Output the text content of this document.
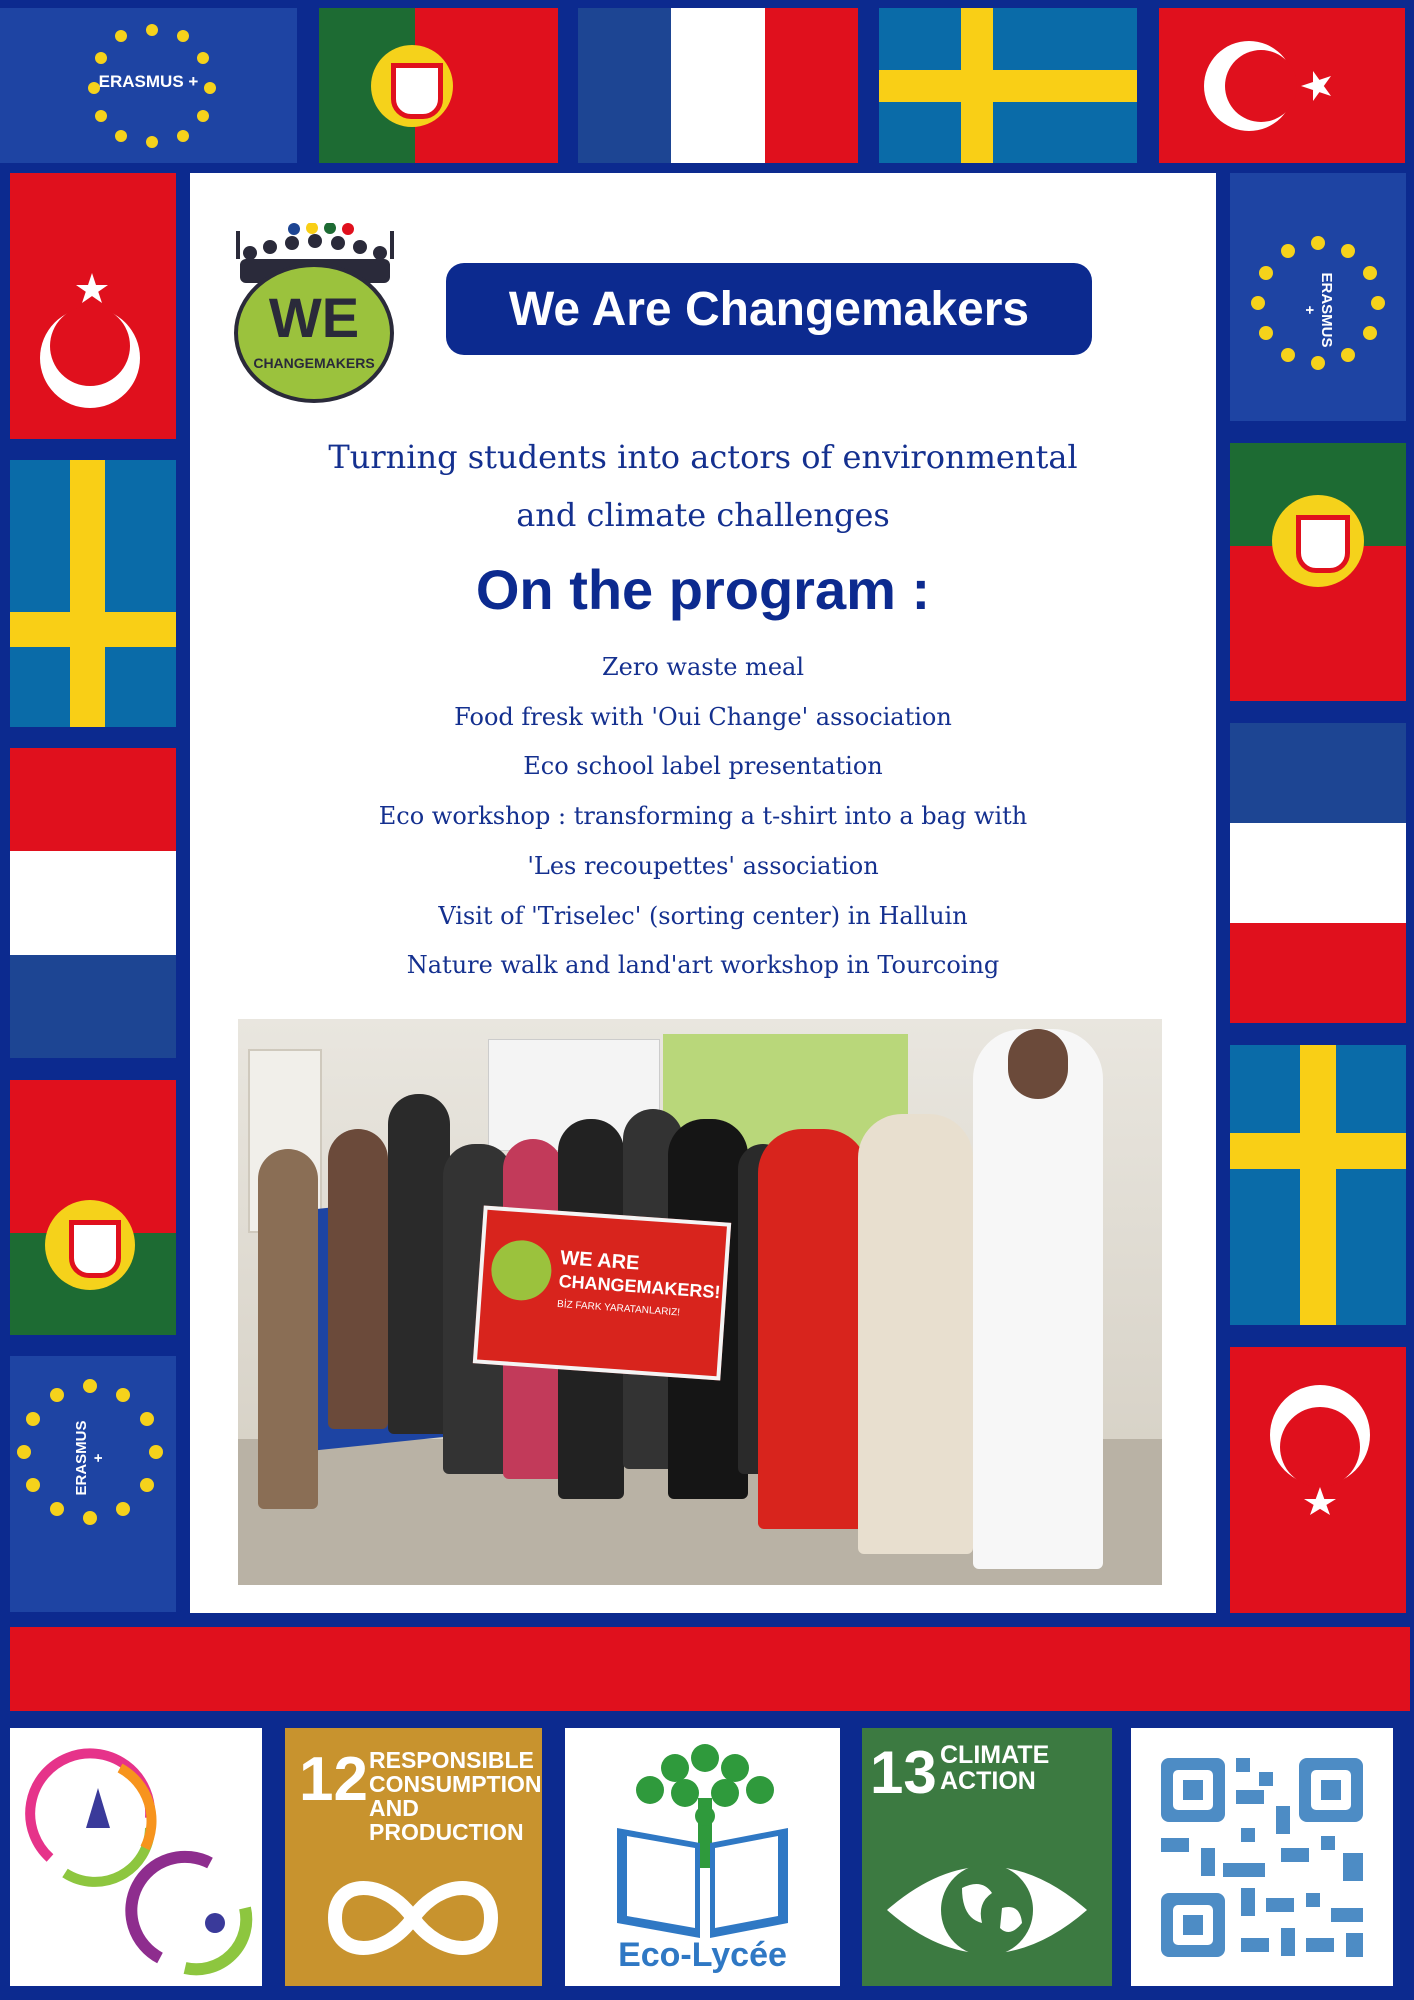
ERASMUS +
ERASMUS +
ERASMUS +
WE
CHANGEMAKERS
We Are Changemakers
Turning students into actors of environmental
and climate challenges
On the program :
Zero waste meal
Food fresk with 'Oui Change' association
Eco school label presentation
Eco workshop : transforming a t-shirt into a bag with
'Les recoupettes' association
Visit of 'Triselec' (sorting center) in Halluin
Nature walk and land'art workshop in Tourcoing
WE ARE
CHANGEMAKERS!
BİZ FARK YARATANLARIZ!
12 RESPONSIBLE
CONSUMPTION
AND PRODUCTION
Eco-Lycée
13 CLIMATE
ACTION
